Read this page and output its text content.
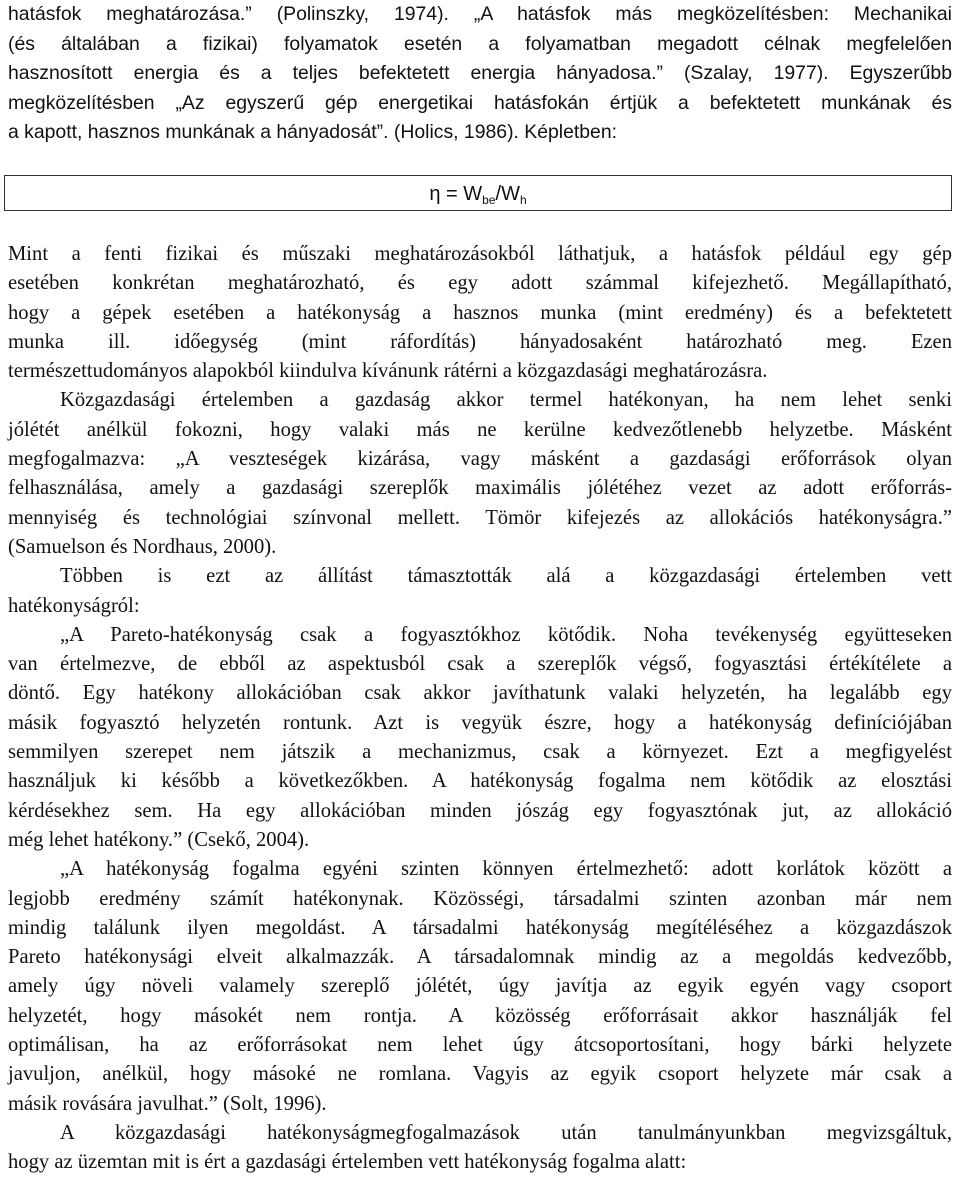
hatásfok meghatározása.” (Polinszky, 1974). „A hatásfok más megközelítésben: Mechanikai
(és általában a fizikai) folyamatok esetén a folyamatban megadott célnak megfelelően
hasznosított energia és a teljes befektetett energia hányadosa.” (Szalay, 1977). Egyszerűbb
megközelítésben „Az egyszerű gép energetikai hatásfokán értjük a befektetett munkának és
a kapott, hasznos munkának a hányadosát”. (Holics, 1986). Képletben:
$\eta = W_{be}/W_h$
Mint a fenti fizikai és műszaki meghatározásokból láthatjuk, a hatásfok például egy gép
esetében konkrétan meghatározható, és egy adott számmal kifejezhető. Megállapítható,
hogy a gépek esetében a hatékonyság a hasznos munka (mint eredmény) és a befektetett
munka ill. időegység (mint ráfordítás) hányadosaként határozható meg. Ezen
természettudományos alapokból kiindulva kívánunk rátérni a közgazdasági meghatározásra.
Közgazdasági értelemben a gazdaság akkor termel hatékonyan, ha nem lehet senki
jólétét anélkül fokozni, hogy valaki más ne kerülne kedvezőtlenebb helyzetbe. Másként
megfogalmazva: „A veszteségek kizárása, vagy másként a gazdasági erőforrások olyan
felhasználása, amely a gazdasági szereplők maximális jólétéhez vezet az adott erőforrás-
mennyiség és technológiai színvonal mellett. Tömör kifejezés az allokációs hatékonyságra.”
(Samuelson és Nordhaus, 2000).
Többen is ezt az állítást támasztották alá a közgazdasági értelemben vett
hatékonyságról:
„A Pareto-hatékonyság csak a fogyasztókhoz kötődik. Noha tevékenység együtteseken
van értelmezve, de ebből az aspektusból csak a szereplők végső, fogyasztási értékítélete a
döntő. Egy hatékony allokációban csak akkor javíthatunk valaki helyzetén, ha legalább egy
másik fogyasztó helyzetén rontunk. Azt is vegyük észre, hogy a hatékonyság definíciójában
semmilyen szerepet nem játszik a mechanizmus, csak a környezet. Ezt a megfigyelést
használjuk ki később a következőkben. A hatékonyság fogalma nem kötődik az elosztási
kérdésekhez sem. Ha egy allokációban minden jószág egy fogyasztónak jut, az allokáció
még lehet hatékony.” (Csekő, 2004).
„A hatékonyság fogalma egyéni szinten könnyen értelmezhető: adott korlátok között a
legjobb eredmény számít hatékonynak. Közösségi, társadalmi szinten azonban már nem
mindig találunk ilyen megoldást. A társadalmi hatékonyság megítéléséhez a közgazdászok
Pareto hatékonysági elveit alkalmazzák. A társadalomnak mindig az a megoldás kedvezőbb,
amely úgy növeli valamely szereplő jólétét, úgy javítja az egyik egyén vagy csoport
helyzetét, hogy másokét nem rontja. A közösség erőforrásait akkor használják fel
optimálisan, ha az erőforrásokat nem lehet úgy átcsoportosítani, hogy bárki helyzete
javuljon, anélkül, hogy másoké ne romlana. Vagyis az egyik csoport helyzete már csak a
másik rovására javulhat.” (Solt, 1996).
A közgazdasági hatékonyságmegfogalmazások után tanulmányunkban megvizsgáltuk,
hogy az üzemtan mit is ért a gazdasági értelemben vett hatékonyság fogalma alatt:
